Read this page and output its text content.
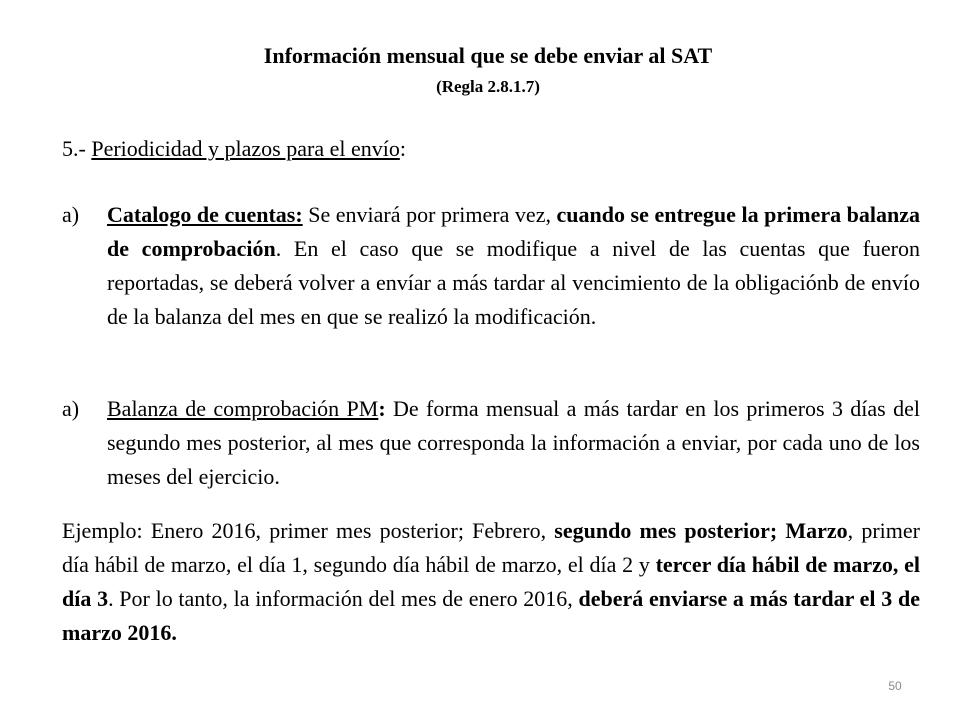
Información mensual que se debe enviar al SAT
(Regla 2.8.1.7)
5.- Periodicidad y plazos para el envío:
a)	Catalogo de cuentas: Se enviará por primera vez, cuando se entregue la primera balanza de comprobación. En el caso que se modifique a nivel de las cuentas que fueron reportadas, se deberá volver a envíar a más tardar al vencimiento de la obligaciónb de envío de la balanza del mes en que se realizó la modificación.
a)	Balanza de comprobación PM: De forma mensual a más tardar en los primeros 3 días del segundo mes posterior, al mes que corresponda la información a enviar, por cada uno de los meses del ejercicio.
Ejemplo: Enero 2016, primer mes posterior; Febrero, segundo mes posterior; Marzo, primer día hábil de marzo, el día 1, segundo día hábil de marzo, el día 2 y tercer día hábil de marzo, el día 3. Por lo tanto, la información del mes de enero 2016, deberá enviarse a más tardar el 3 de marzo 2016.
50
